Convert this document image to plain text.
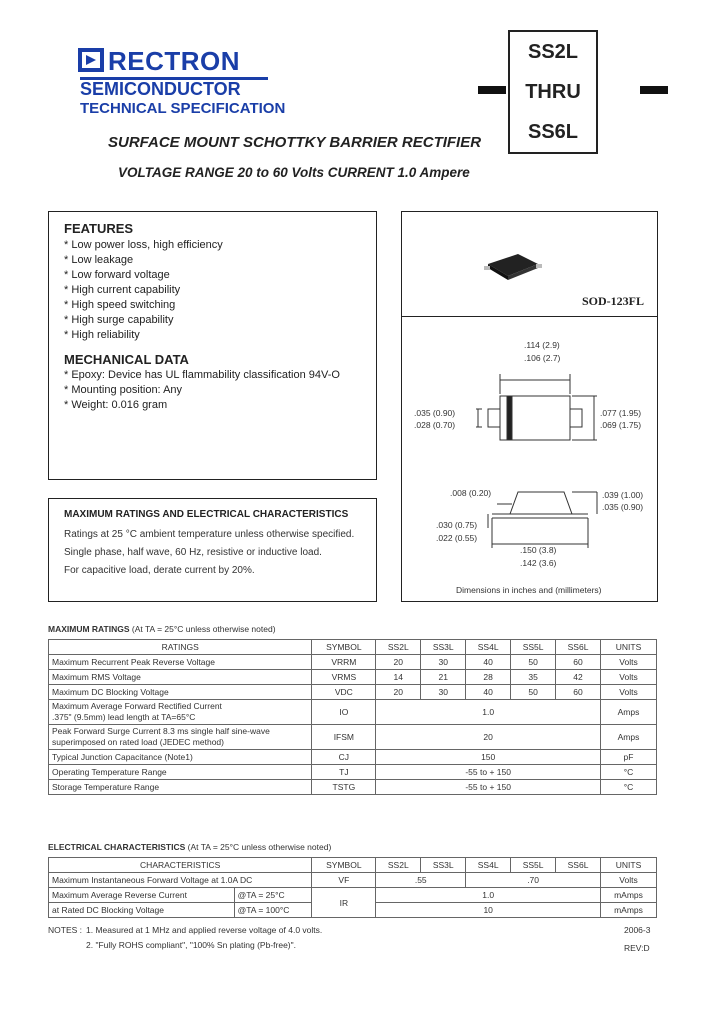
RECTRON
SEMICONDUCTOR
TECHNICAL SPECIFICATION
SS2L
THRU
SS6L
SURFACE MOUNT SCHOTTKY BARRIER RECTIFIER
VOLTAGE RANGE 20 to 60 Volts CURRENT 1.0 Ampere
FEATURES
* Low power loss, high efficiency
* Low leakage
* Low forward voltage
* High current capability
* High speed switching
* High surge capability
* High reliability
MECHANICAL DATA
* Epoxy: Device has UL flammability classification 94V-O
* Mounting position: Any
* Weight: 0.016 gram
SOD-123FL
.114 (2.9)
.106 (2.7)
.035 (0.90)
.028 (0.70)
.077 (1.95)
.069 (1.75)
.008 (0.20)	.039 (1.00)
.035 (0.90)
.030 (0.75)
.022 (0.55)
.150 (3.8)
.142 (3.6)
Dimensions in inches and (millimeters)
MAXIMUM RATINGS AND ELECTRICAL CHARACTERISTICS
Ratings at 25 °C ambient temperature unless otherwise specified.
Single phase, half wave, 60 Hz, resistive or inductive load.
For capacitive load, derate current by 20%.
MAXIMUM RATINGS (At TA = 25°C unless otherwise noted)
RATINGS	SYMBOL	SS2L	SS3L	SS4L	SS5L	SS6L	UNITS
Maximum Recurrent Peak Reverse Voltage	VRRM	20	30	40	50	60	Volts
Maximum RMS Voltage	VRMS	14	21	28	35	42	Volts
Maximum DC Blocking Voltage	VDC	20	30	40	50	60	Volts

Maximum Average Forward Rectified Current
.375" (9.5mm) lead length at TA=65°C	IO	1.0					Amps

Peak Forward Surge Current 8.3 ms single half sine-wave
superimposed on rated load (JEDEC method)	IFSM	20					Amps
Typical Junction Capacitance (Note1)	CJ	150					pF
Operating Temperature Range	TJ	-55 to + 150					°C
Storage Temperature Range	TSTG	-55 to + 150					°C
ELECTRICAL CHARACTERISTICS (At TA = 25°C unless otherwise noted)
CHARACTERISTICS		SYMBOL	SS2L	SS3L	SS4L	SS5L	SS6L	UNITS
Maximum Instantaneous Forward Voltage at 1.0A DC		VF	.55		.70			Volts
Maximum Average Reverse Current	@TA = 25°C	IR	1.0					mAmps
at Rated DC Blocking Voltage	@TA = 100°C		10					mAmps
NOTES : 1. Measured at 1 MHz and applied reverse voltage of 4.0 volts.
2. "Fully ROHS compliant", "100% Sn plating (Pb-free)".
2006-3
REV:D
